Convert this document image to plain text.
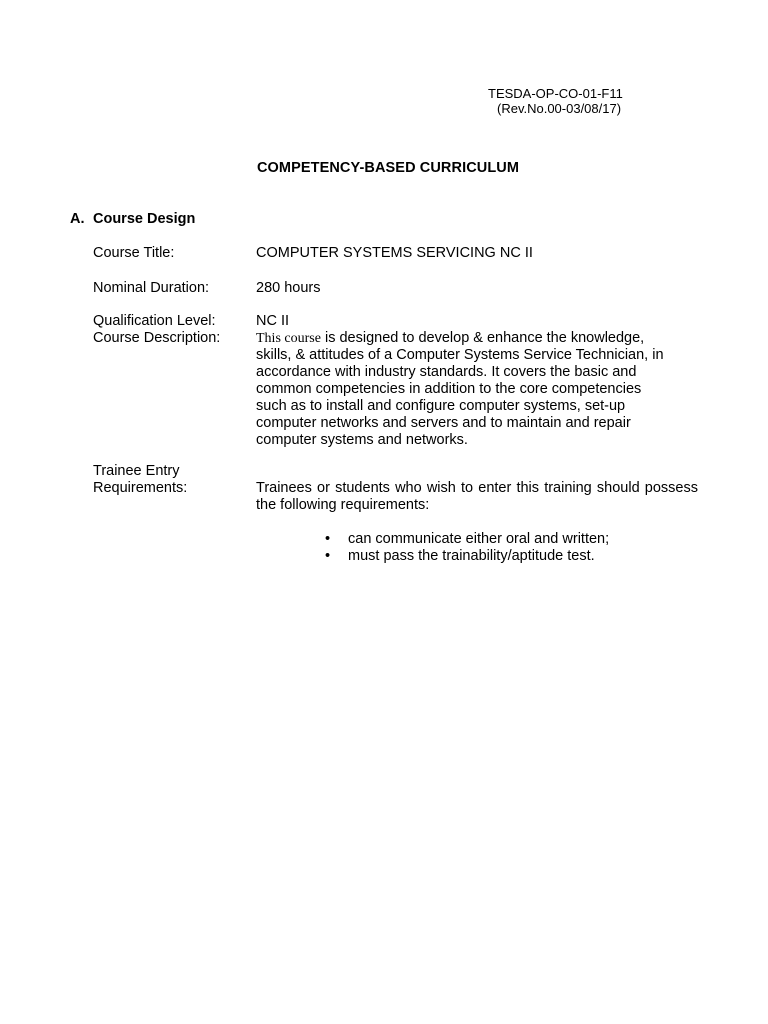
TESDA-OP-CO-01-F11
(Rev.No.00-03/08/17)
COMPETENCY-BASED CURRICULUM
A. Course Design
Course Title:	COMPUTER SYSTEMS SERVICING NC II
Nominal Duration:	280 hours
Qualification Level:	NC II
Course Description:	This course is designed to develop & enhance the knowledge,
skills, & attitudes of a Computer Systems Service Technician, in
accordance with industry standards. It covers the basic and
common competencies in addition to the core competencies
such as to install and configure computer systems, set-up
computer networks and servers and to maintain and repair
computer systems and networks.
Trainee Entry
Requirements:	Trainees or students who wish to enter this training should possess the following requirements:
• can communicate either oral and written;
• must pass the trainability/aptitude test.
